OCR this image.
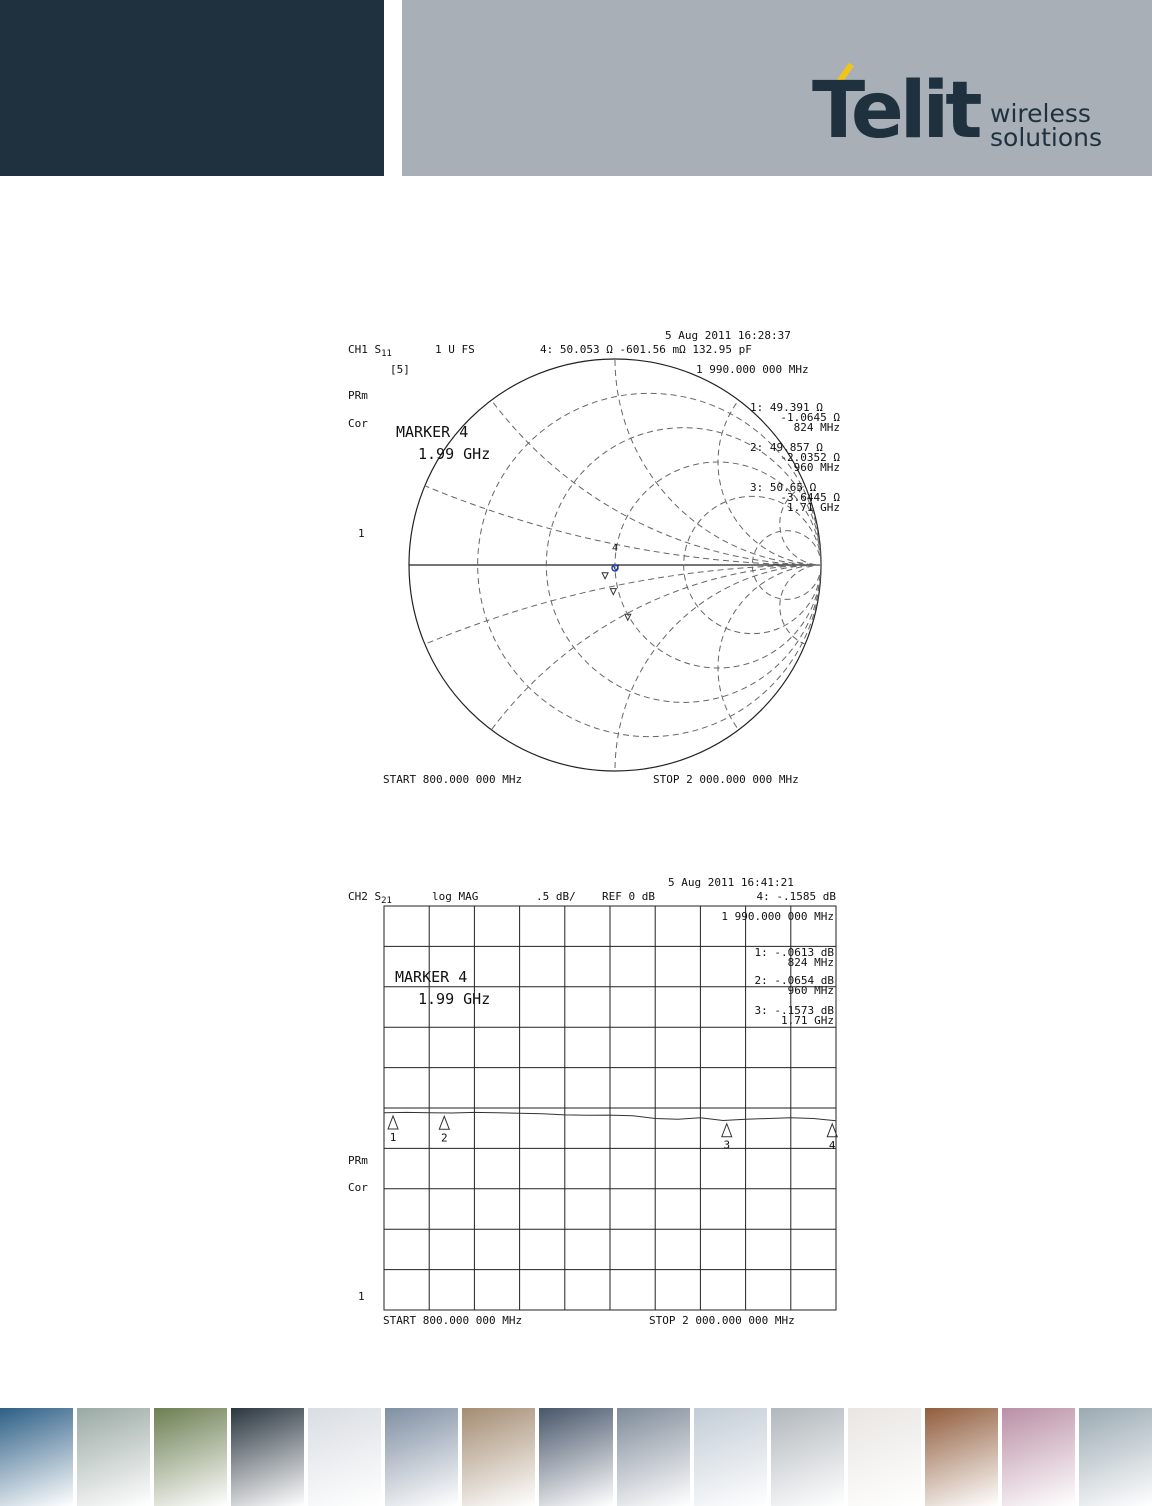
Telit wireless
solutions
5 Aug 2011 16:28:37
CH1 $S_{11}$	1 U FS	4: 50.053 Ω -601.56 mΩ 132.95 pF
1 990.000 000 MHz
[5]
PRm
Cor MARKER 4
1.99 GHz
1
1: 49.391 Ω
-1.0645 Ω
824 MHz
2: 49.857 Ω
-2.0352 Ω
960 MHz
3: 50.65 Ω
-3.6445 Ω
1.71 GHz
4
START 800.000 000 MHz	STOP 2 000.000 000 MHz
5 Aug 2011 16:41:21
CH2 $S_{21}$	log MAG	.5 dB/ REF 0 dB	4: -.1585 dB
1 990.000 000 MHz
1: -.0613 dB
824 MHz
2: -.0654 dB
960 MHz
3: -.1573 dB
1.71 GHz
MARKER 4
1.99 GHz
PRm
Cor
1
START 800.000 000 MHz	STOP 2 000.000 000 MHz
1	2
3	4
